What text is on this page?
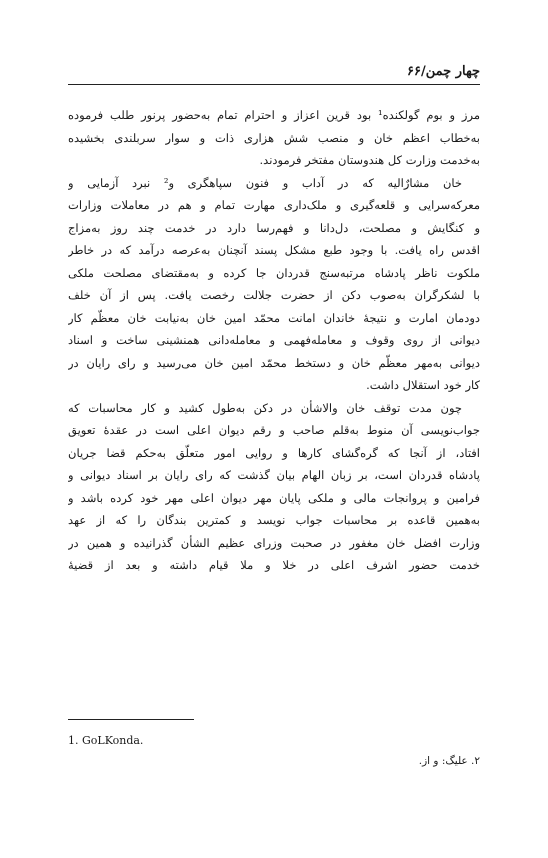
چهار چمن/۶۶
مرز و بوم گولکنده¹ بود قرین اعزاز و احترام تمام به‌حضور پرنور طلب فرموده
به‌خطاب اعظم خان و منصب شش هزاری ذات و سوار سربلندی بخشیده
به‌خدمت وزارت کل هندوستان مفتخر فرمودند.
خان مشارٌالیه که در آداب و فنون سپاهگری و² نبرد آزمایی و
معرکه‌سرایی و قلعه‌گیری و ملک‌داری مهارت تمام و هم در معاملات وزارات
و کنگایش و مصلحت، دل‌دانا و فهم‌رسا دارد در خدمت چند روز به‌مزاج
اقدس راه یافت. با وجود طبع مشکل پسند آنچنان به‌عرصه درآمد که در خاطر
ملکوت ناظر پادشاه مرتبه‌سنج قدردان جا کرده و به‌مقتضای مصلحت ملکی
با لشکرگران به‌صوب دکن از حضرت جلالت رخصت یافت. پس از آن خلف
دودمان امارت و نتیجهٔ خاندان امانت محمّد امین خان به‌نیابت خان معظّم کار
دیوانی از روی وقوف و معامله‌فهمی و معامله‌دانی همنشینی ساخت و اسناد
دیوانی به‌مهر معظّم خان و دستخط محمّد امین خان می‌رسید و رای رایان در
کار خود استقلال داشت.
چون مدت توقف خان والاشأن در دکن به‌طول کشید و کار محاسبات که
جواب‌نویسی آن منوط به‌قلم صاحب و رقم دیوان اعلی است در عقدهٔ تعویق
افتاد، از آنجا که گره‌گشای کارها و روایی امور متعلّق به‌حکم قضا جریان
پادشاه قدردان است، بر زبان الهام بیان گذشت که رای رایان بر اسناد دیوانی و
فرامین و پروانجات مالی و ملکی پایان مهر دیوان اعلی مهر خود کرده باشد و
به‌همین قاعده بر محاسبات جواب نویسد و کمترین بندگان را که از عهد
وزارت افضل خان مغفور در صحبت وزرای عظیم الشأن گذرانیده و همین در
خدمت حضور اشرف اعلی در خلا و ملا قیام داشته و بعد از قضیهٔ
1. GoLKonda.
۲. علیگ: و از.
